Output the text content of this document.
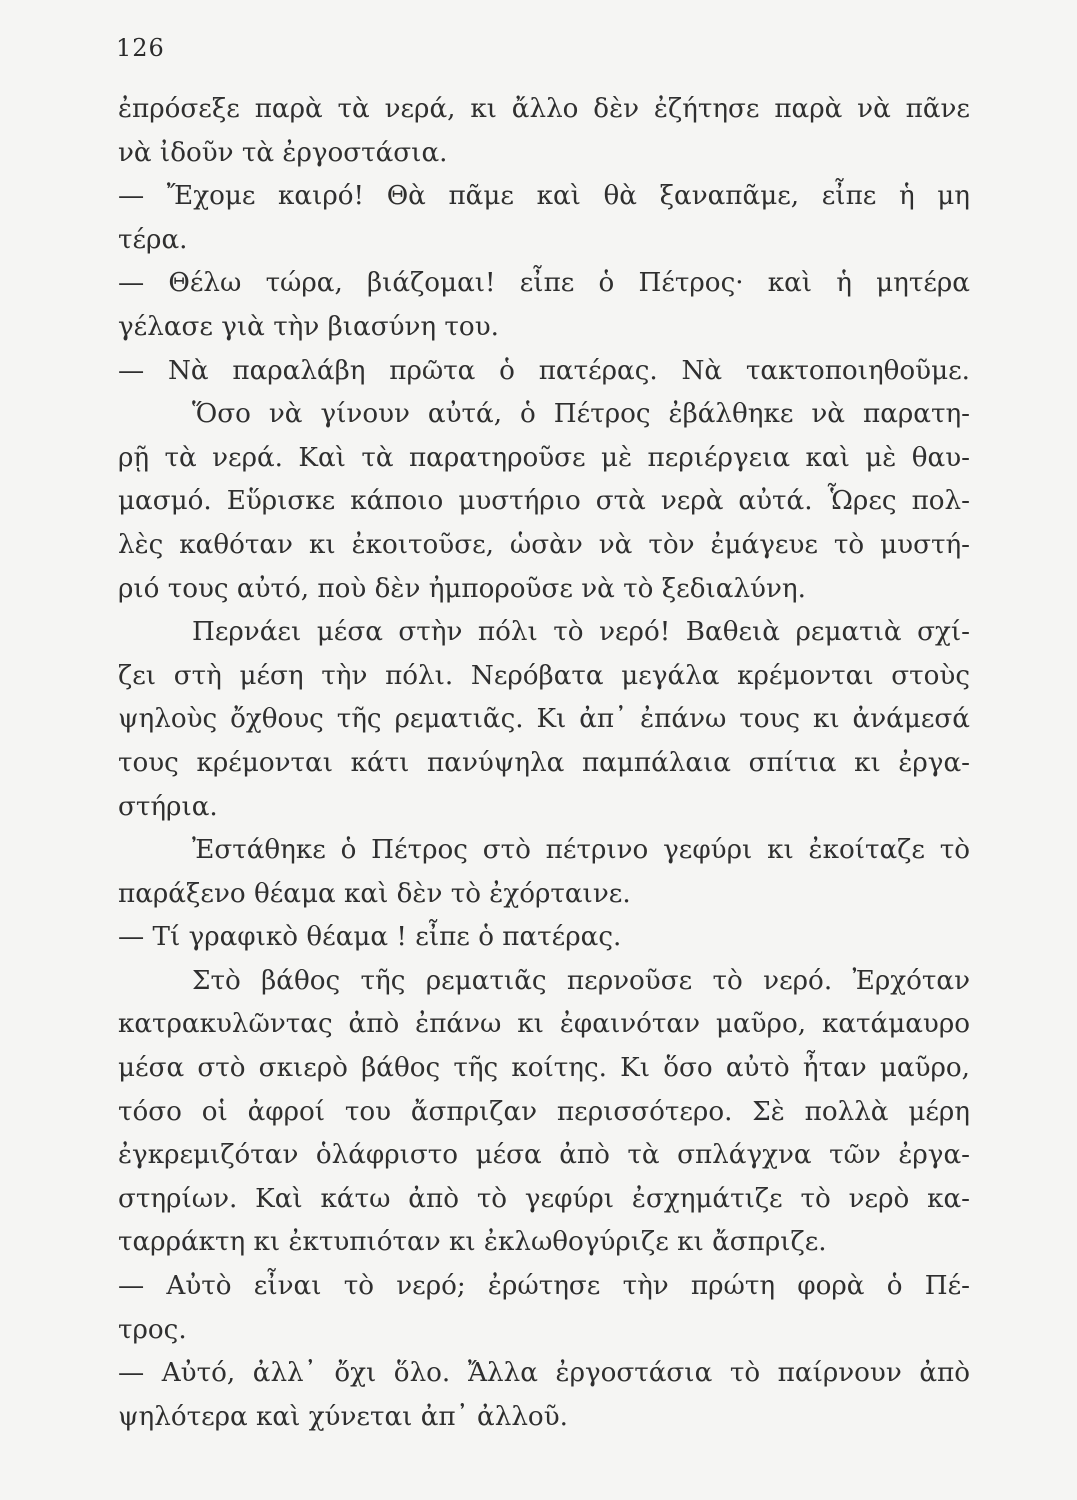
126
ἐπρόσεξε παρὰ τὰ νερά, κι ἄλλο δὲν ἐζήτησε παρὰ νὰ πᾶνε
νὰ ἰδοῦν τὰ ἐργοστάσια.
— Ἔχομε καιρό! Θὰ πᾶμε καὶ θὰ ξαναπᾶμε, εἶπε ἡ μη
τέρα.
— Θέλω τώρα, βιάζομαι! εἶπε ὁ Πέτρος· καὶ ἡ μητέρα
γέλασε γιὰ τὴν βιασύνη του.
— Νὰ παραλάβη πρῶτα ὁ πατέρας. Νὰ τακτοποιηθοῦμε.
Ὅσο νὰ γίνουν αὐτά, ὁ Πέτρος ἐβάλθηκε νὰ παρατη-
ρῇ τὰ νερά. Καὶ τὰ παρατηροῦσε μὲ περιέργεια καὶ μὲ θαυ-
μασμό. Εὕρισκε κάποιο μυστήριο στὰ νερὰ αὐτά. Ὧρες πολ-
λὲς καθόταν κι ἐκοιτοῦσε, ὡσὰν νὰ τὸν ἐμάγευε τὸ μυστή-
ριό τους αὐτό, ποὺ δὲν ἠμποροῦσε νὰ τὸ ξεδιαλύνη.
Περνάει μέσα στὴν πόλι τὸ νερό! Βαθειὰ ρεματιὰ σχί-
ζει στὴ μέση τὴν πόλι. Νερόβατα μεγάλα κρέμονται στοὺς
ψηλοὺς ὄχθους τῆς ρεματιᾶς. Κι ἀπ᾽ ἐπάνω τους κι ἀνάμεσά
τους κρέμονται κάτι πανύψηλα παμπάλαια σπίτια κι ἐργα-
στήρια.
Ἐστάθηκε ὁ Πέτρος στὸ πέτρινο γεφύρι κι ἐκοίταζε τὸ
παράξενο θέαμα καὶ δὲν τὸ ἐχόρταινε.
— Τί γραφικὸ θέαμα ! εἶπε ὁ πατέρας.
Στὸ βάθος τῆς ρεματιᾶς περνοῦσε τὸ νερό. Ἐρχόταν
κατρακυλῶντας ἀπὸ ἐπάνω κι ἐφαινόταν μαῦρο, κατάμαυρο
μέσα στὸ σκιερὸ βάθος τῆς κοίτης. Κι ὅσο αὐτὸ ἦταν μαῦρο,
τόσο οἱ ἀφροί του ἄσπριζαν περισσότερο. Σὲ πολλὰ μέρη
ἐγκρεμιζόταν ὁλάφριστο μέσα ἀπὸ τὰ σπλάγχνα τῶν ἐργα-
στηρίων. Καὶ κάτω ἀπὸ τὸ γεφύρι ἐσχημάτιζε τὸ νερὸ κα-
ταρράκτη κι ἐκτυπιόταν κι ἐκλωθογύριζε κι ἄσπριζε.
— Αὐτὸ εἶναι τὸ νερό; ἐρώτησε τὴν πρώτη φορὰ ὁ Πέ-
τρος.
— Αὐτό, ἀλλ᾽ ὄχι ὅλο. Ἄλλα ἐργοστάσια τὸ παίρνουν ἀπὸ
ψηλότερα καὶ χύνεται ἀπ᾽ ἀλλοῦ.
